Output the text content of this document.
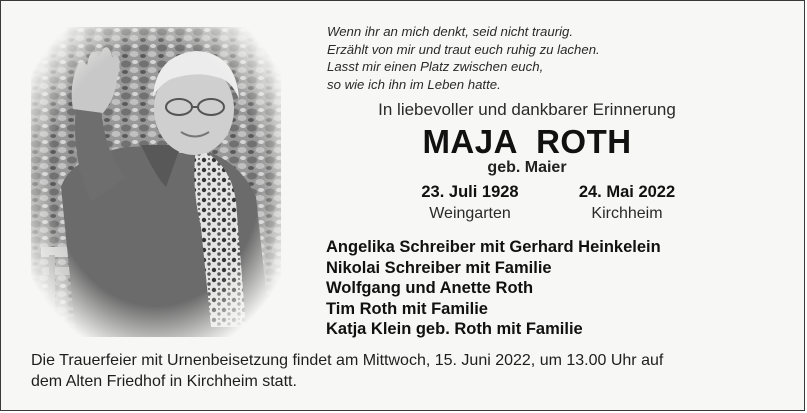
Wenn ihr an mich denkt, seid nicht traurig.
Erzählt von mir und traut euch ruhig zu lachen.
Lasst mir einen Platz zwischen euch,
so wie ich ihn im Leben hatte.
In liebevoller und dankbarer Erinnerung
MAJA ROTH
geb. Maier
23. Juli 1928
Weingarten
24. Mai 2022
Kirchheim
Angelika Schreiber mit Gerhard Heinkelein
Nikolai Schreiber mit Familie
Wolfgang und Anette Roth
Tim Roth mit Familie
Katja Klein geb. Roth mit Familie
Die Trauerfeier mit Urnenbeisetzung findet am Mittwoch, 15. Juni 2022, um 13.00 Uhr auf
dem Alten Friedhof in Kirchheim statt.
